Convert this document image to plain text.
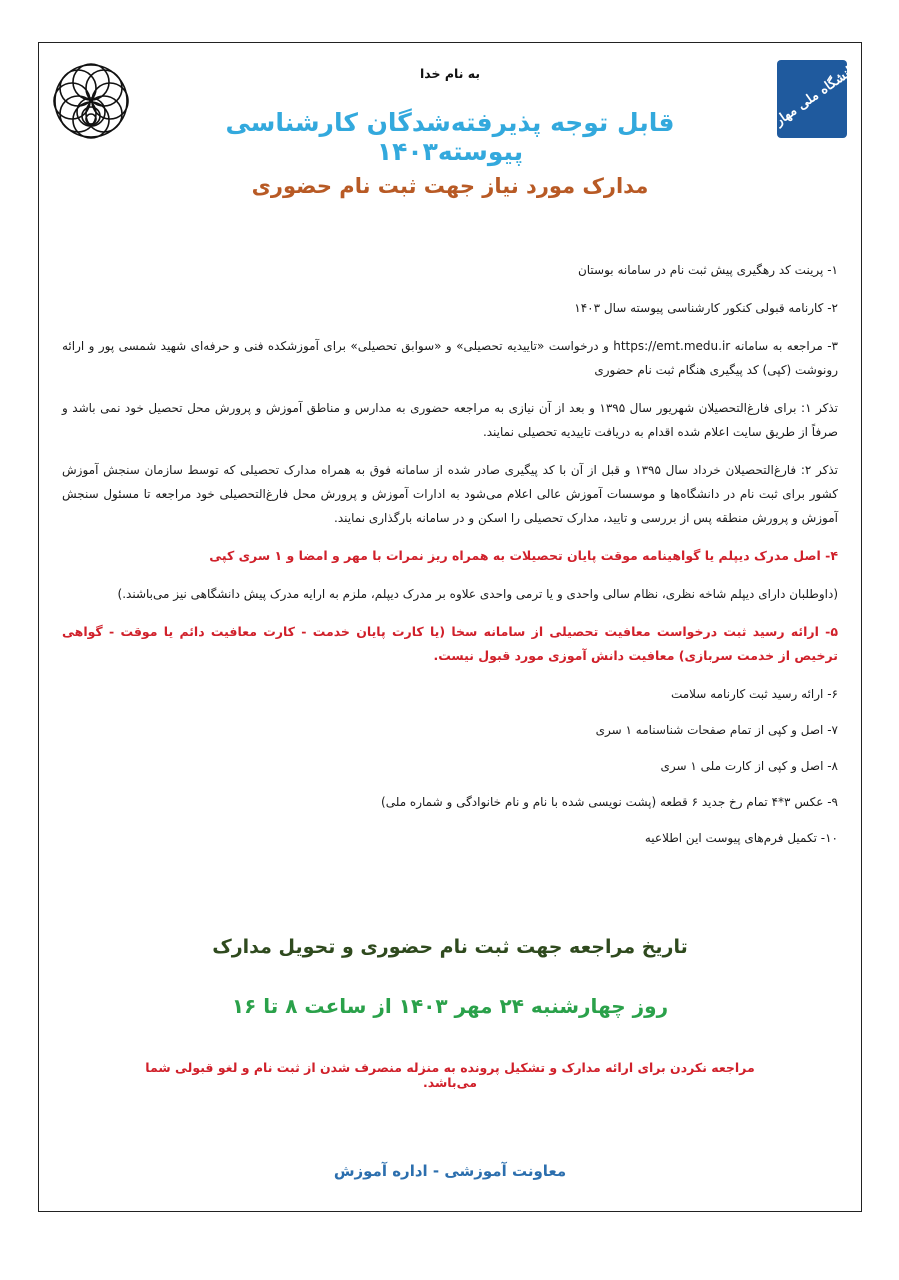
دانشگاه ملی مهارت
به نام خدا
قابل توجه پذیرفته‌شدگان کارشناسی پیوسته۱۴۰۳
مدارک مورد نیاز جهت ثبت نام حضوری

۱- پرینت کد رهگیری پیش ثبت نام در سامانه بوستان

۲- کارنامه قبولی کنکور کارشناسی پیوسته سال ۱۴۰۳

۳- مراجعه به سامانه https://emt.medu.ir و درخواست «تاییدیه تحصیلی» و «سوابق تحصیلی» برای آموزشکده فنی و حرفه‌ای شهید شمسی پور و ارائه رونوشت (کپی) کد پیگیری هنگام ثبت نام حضوری

تذکر ۱: برای فارغ‌التحصیلان شهریور سال ۱۳۹۵ و بعد از آن نیازی به مراجعه حضوری به مدارس و مناطق آموزش و پرورش محل تحصیل خود نمی باشد و صرفاً از طریق سایت اعلام شده اقدام به دریافت تاییدیه تحصیلی نمایند.

تذکر ۲: فارغ‌التحصیلان خرداد سال ۱۳۹۵ و قبل از آن با کد پیگیری صادر شده از سامانه فوق به همراه مدارک تحصیلی که توسط سازمان سنجش آموزش کشور برای ثبت نام در دانشگاه‌ها و موسسات آموزش عالی اعلام می‌شود به ادارات آموزش و پرورش محل فارغ‌التحصیلی خود مراجعه تا مسئول سنجش آموزش و پرورش منطقه پس از بررسی و تایید، مدارک تحصیلی را اسکن و در سامانه بارگذاری نمایند.

۴- اصل مدرک دیپلم یا گواهینامه موقت پایان تحصیلات به همراه ریز نمرات با مهر و امضا و ۱ سری کپی

(داوطلبان دارای دیپلم شاخه نظری، نظام سالی واحدی و یا ترمی واحدی علاوه بر مدرک دیپلم، ملزم به ارایه مدرک پیش دانشگاهی نیز می‌باشند.)

۵- ارائه رسید ثبت درخواست معافیت تحصیلی از سامانه سخا (یا کارت پایان خدمت - کارت معافیت دائم یا موقت - گواهی ترخیص از خدمت سربازی) معافیت دانش آموزی مورد قبول نیست.

۶- ارائه رسید ثبت کارنامه سلامت

۷- اصل و کپی از تمام صفحات شناسنامه ۱ سری

۸- اصل و کپی از کارت ملی ۱ سری

۹- عکس ۳*۴ تمام رخ جدید ۶ قطعه (پشت نویسی شده با نام و نام خانوادگی و شماره ملی)

۱۰- تکمیل فرم‌های پیوست این اطلاعیه

تاریخ مراجعه جهت ثبت نام حضوری و تحویل مدارک
روز چهارشنبه ۲۴ مهر ۱۴۰۳ از ساعت ۸ تا ۱۶
مراجعه نکردن برای ارائه مدارک و تشکیل پرونده به منزله منصرف شدن از ثبت نام و لغو قبولی شما می‌باشد.
معاونت آموزشی - اداره آموزش
